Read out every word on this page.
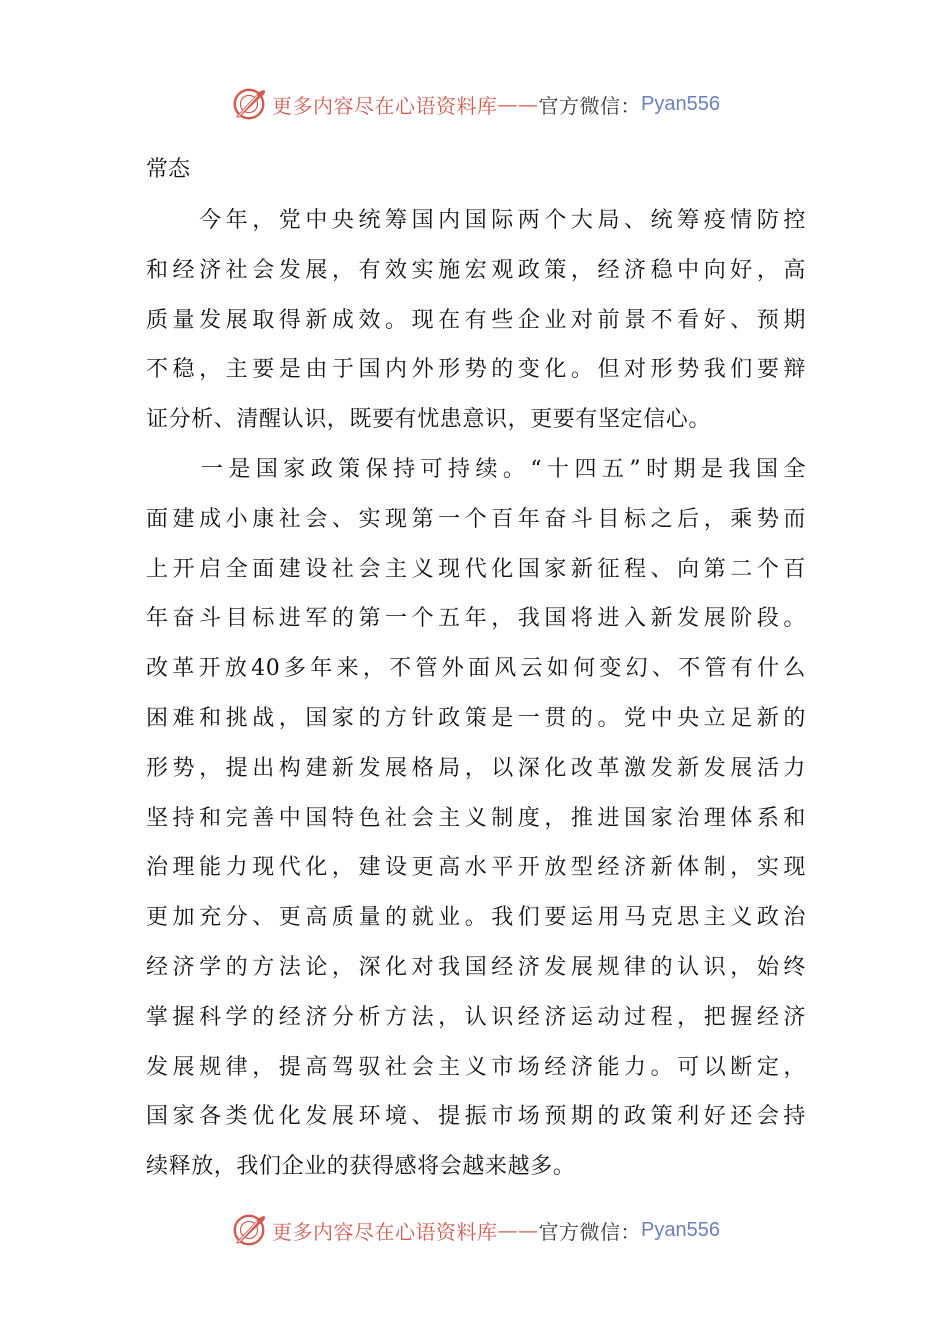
更多内容尽在心语资料库 —— 官方微信： Pyan556
常态
　　今年，党中央统筹国内国际两个大局、统筹疫情防控
和经济社会发展，有效实施宏观政策，经济稳中向好，高
质量发展取得新成效。现在有些企业对前景不看好、预期
不稳，主要是由于国内外形势的变化。但对形势我们要辩
证分析、清醒认识，既要有忧患意识，更要有坚定信心。
　　一是国家政策保持可持续。“十四五”时期是我国全
面建成小康社会、实现第一个百年奋斗目标之后，乘势而
上开启全面建设社会主义现代化国家新征程、向第二个百
年奋斗目标进军的第一个五年，我国将进入新发展阶段。
改革开放40多年来，不管外面风云如何变幻、不管有什么
困难和挑战，国家的方针政策是一贯的。党中央立足新的
形势，提出构建新发展格局，以深化改革激发新发展活力
坚持和完善中国特色社会主义制度，推进国家治理体系和
治理能力现代化，建设更高水平开放型经济新体制，实现
更加充分、更高质量的就业。我们要运用马克思主义政治
经济学的方法论，深化对我国经济发展规律的认识，始终
掌握科学的经济分析方法，认识经济运动过程，把握经济
发展规律，提高驾驭社会主义市场经济能力。可以断定，
国家各类优化发展环境、提振市场预期的政策利好还会持
续释放，我们企业的获得感将会越来越多。
更多内容尽在心语资料库 —— 官方微信： Pyan556
